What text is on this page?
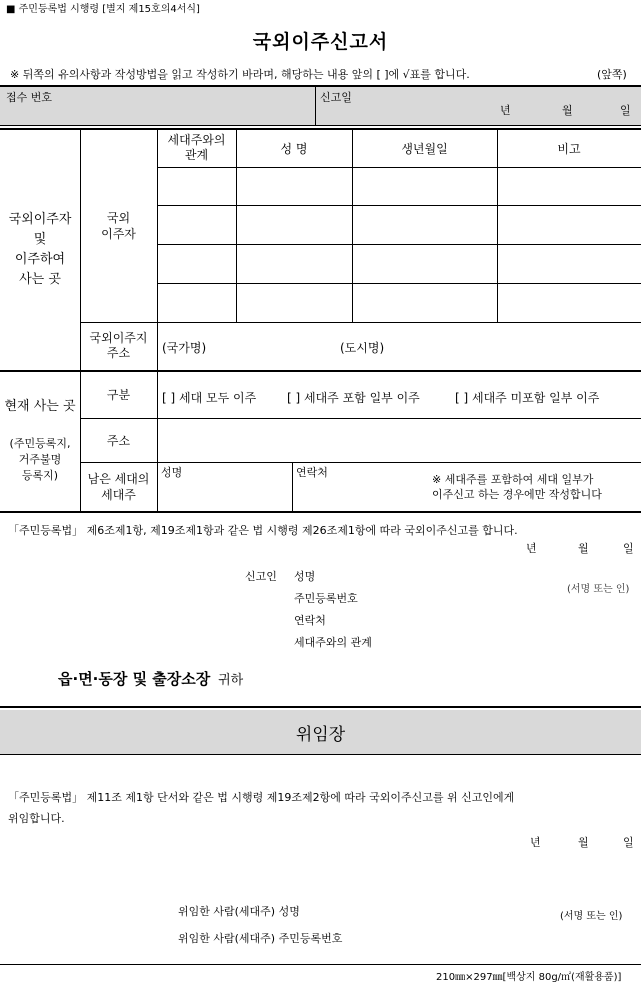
■ 주민등록법 시행령 [별지 제15호의4서식]
국외이주신고서
※ 뒤쪽의 유의사항과 작성방법을 읽고 작성하기 바라며, 해당하는 내용 앞의 [ ]에 √표를 합니다.	(앞쪽)
접수 번호	신고일
년	월	일
국외이주자
및
이주하여
사는 곳
국외
이주자
세대주와의
관계	성 명	생년월일	비고
국외이주지
주소	(국가명)	(도시명)
현재 사는 곳
(주민등록지,
거주불명
등록지)
구분	[ ] 세대 모두 이주	[ ] 세대주 포함 일부 이주	[ ] 세대주 미포함 일부 이주
주소
남은 세대의
세대주
성명	연락처
※ 세대주를 포함하여 세대 일부가
이주신고 하는 경우에만 작성합니다
「주민등록법」 제6조제1항, 제19조제1항과 같은 법 시행령 제26조제1항에 따라 국외이주신고를 합니다.
년	월	일
신고인 성명
주민등록번호
연락처
세대주와의 관계
(서명 또는 인)
읍·면·동장 및 출장소장 귀하
위임장
「주민등록법」 제11조 제1항 단서와 같은 법 시행령 제19조제2항에 따라 국외이주신고를 위 신고인에게
위임합니다.
년	월	일
위임한 사람(세대주) 성명	(서명 또는 인)
위임한 사람(세대주) 주민등록번호
210㎜×297㎜[백상지 80g/㎡(재활용품)]
